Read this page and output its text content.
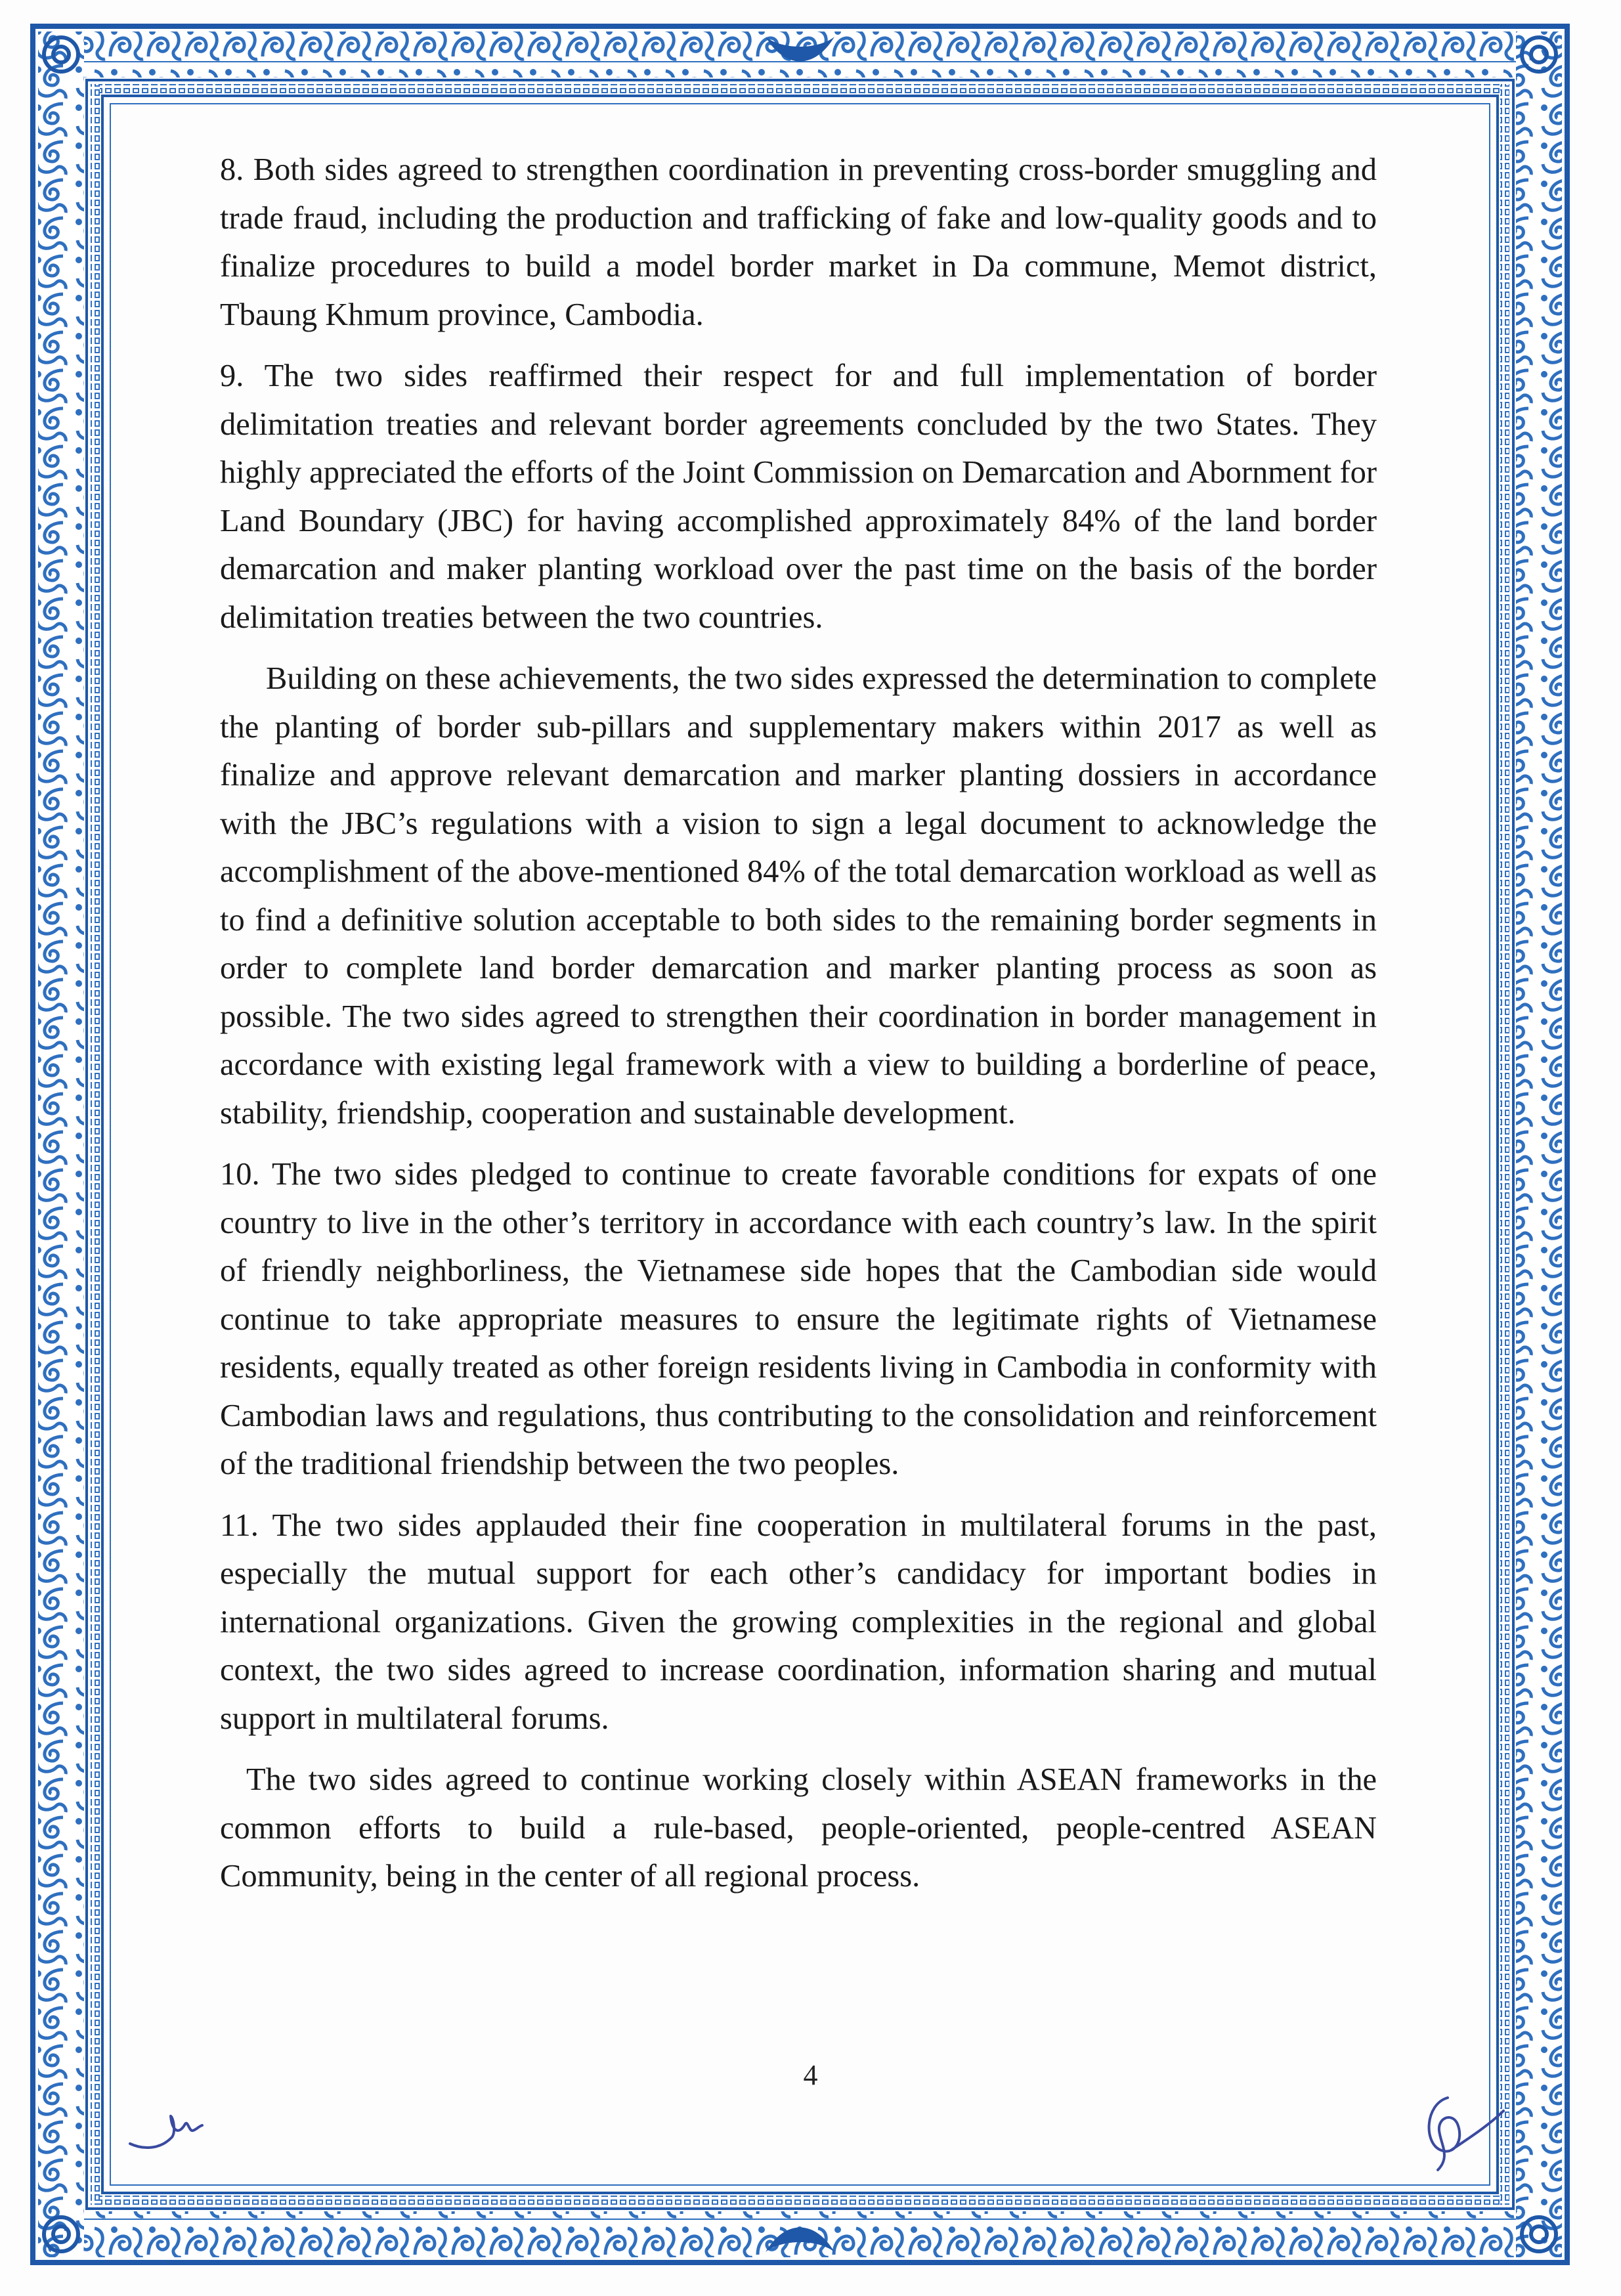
8. Both sides agreed to strengthen coordination in preventing cross-border smuggling and trade fraud, including the production and trafficking of fake and low-quality goods and to finalize procedures to build a model border market in Da commune, Memot district, Tbaung Khmum province, Cambodia.

9. The two sides reaffirmed their respect for and full implementation of border delimitation treaties and relevant border agreements concluded by the two States. They highly appreciated the efforts of the Joint Commission on Demarcation and Abornment for Land Boundary (JBC) for having accomplished approximately 84% of the land border demarcation and maker planting workload over the past time on the basis of the border delimitation treaties between the two countries.

Building on these achievements, the two sides expressed the determination to complete the planting of border sub-pillars and supplementary makers within 2017 as well as finalize and approve relevant demarcation and marker planting dossiers in accordance with the JBC’s regulations with a vision to sign a legal document to acknowledge the accomplishment of the above-mentioned 84% of the total demarcation workload as well as to find a definitive solution acceptable to both sides to the remaining border segments in order to complete land border demarcation and marker planting process as soon as possible. The two sides agreed to strengthen their coordination in border management in accordance with existing legal framework with a view to building a borderline of peace, stability, friendship, cooperation and sustainable development.

10. The two sides pledged to continue to create favorable conditions for expats of one country to live in the other’s territory in accordance with each country’s law. In the spirit of friendly neighborliness, the Vietnamese side hopes that the Cambodian side would continue to take appropriate measures to ensure the legitimate rights of Vietnamese residents, equally treated as other foreign residents living in Cambodia in conformity with Cambodian laws and regulations, thus contributing to the consolidation and reinforcement of the traditional friendship between the two peoples.

11. The two sides applauded their fine cooperation in multilateral forums in the past, especially the mutual support for each other’s candidacy for important bodies in international organizations. Given the growing complexities in the regional and global context, the two sides agreed to increase coordination, information sharing and mutual support in multilateral forums.

The two sides agreed to continue working closely within ASEAN frameworks in the common efforts to build a rule-based, people-oriented, people-centred ASEAN Community, being in the center of all regional process.

4
